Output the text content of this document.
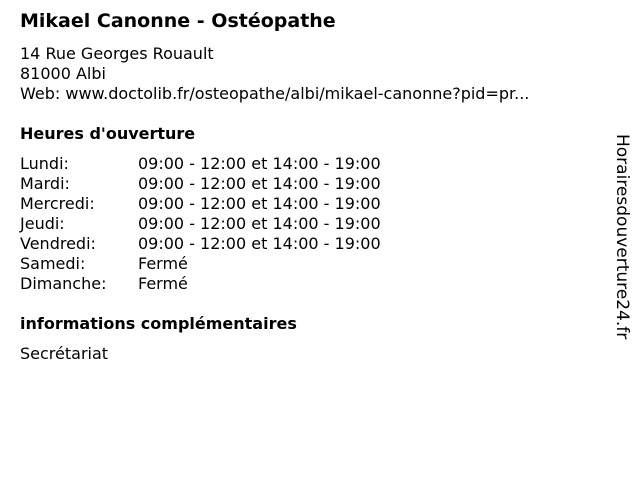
Mikael Canonne - Ostéopathe
14 Rue Georges Rouault
81000 Albi
Web: www.doctolib.fr/osteopathe/albi/mikael-canonne?pid=pr...
Heures d'ouverture
Lundi:	09:00 - 12:00 et 14:00 - 19:00
Mardi:	09:00 - 12:00 et 14:00 - 19:00
Mercredi:	09:00 - 12:00 et 14:00 - 19:00
Jeudi:	09:00 - 12:00 et 14:00 - 19:00
Vendredi:	09:00 - 12:00 et 14:00 - 19:00
Samedi:	Fermé
Dimanche: Fermé
informations complémentaires
Secrétariat
Horairesdouverture24.fr
